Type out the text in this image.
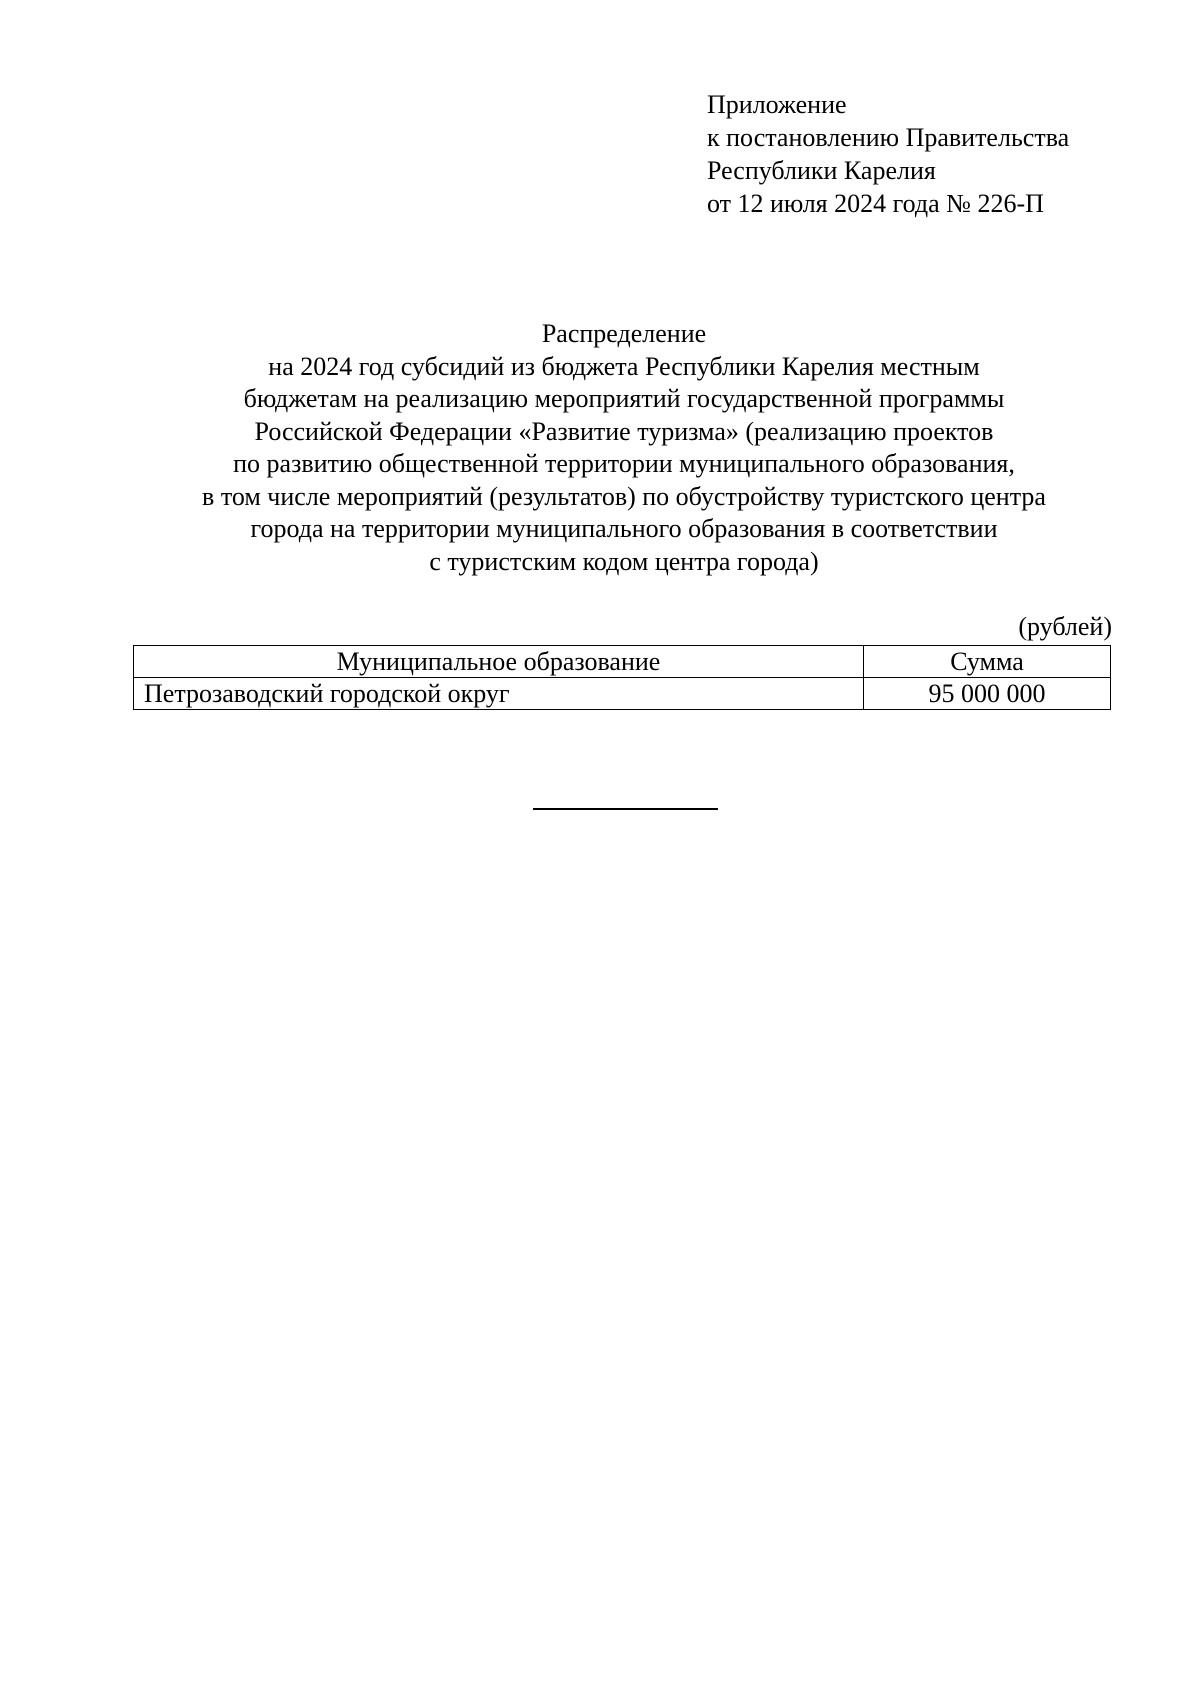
Приложение
к постановлению Правительства
Республики Карелия
от 12 июля 2024 года № 226-П
Распределение
на 2024 год субсидий из бюджета Республики Карелия местным
бюджетам на реализацию мероприятий государственной программы
Российской Федерации «Развитие туризма» (реализацию проектов
по развитию общественной территории муниципального образования,
в том числе мероприятий (результатов) по обустройству туристского центра
города на территории муниципального образования в соответствии
с туристским кодом центра города)
(рублей)
Муниципальное образование	Сумма
Петрозаводский городской округ	95 000 000
